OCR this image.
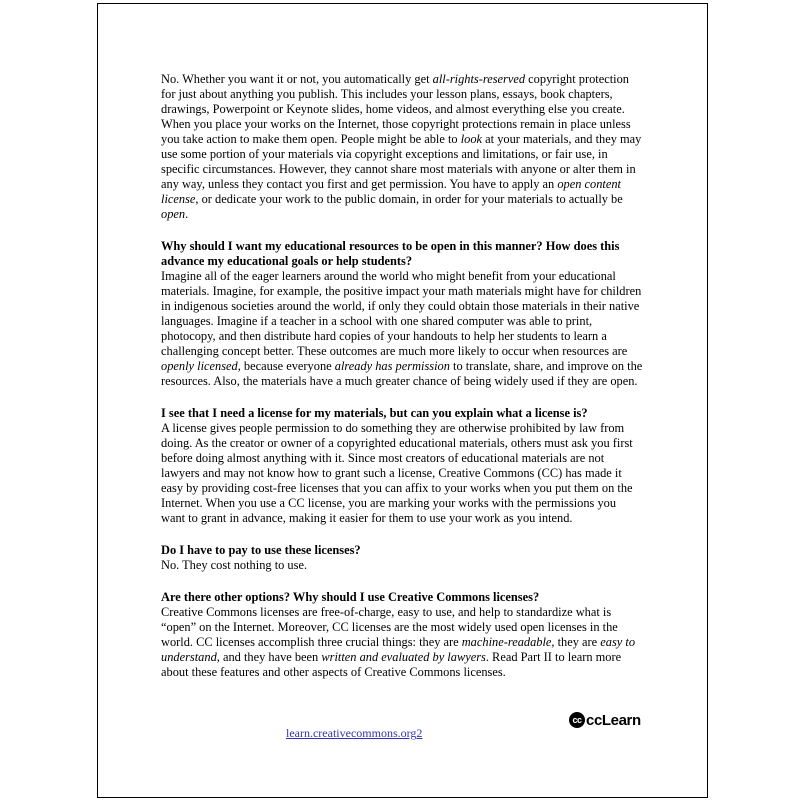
No. Whether you want it or not, you automatically get all-rights-reserved copyright protection for just about anything you publish. This includes your lesson plans, essays, book chapters, drawings, Powerpoint or Keynote slides, home videos, and almost everything else you create. When you place your works on the Internet, those copyright protections remain in place unless you take action to make them open. People might be able to look at your materials, and they may use some portion of your materials via copyright exceptions and limitations, or fair use, in specific circumstances. However, they cannot share most materials with anyone or alter them in any way, unless they contact you first and get permission. You have to apply an open content license, or dedicate your work to the public domain, in order for your materials to actually be open.

Why should I want my educational resources to be open in this manner? How does this advance my educational goals or help students?

Imagine all of the eager learners around the world who might benefit from your educational materials. Imagine, for example, the positive impact your math materials might have for children in indigenous societies around the world, if only they could obtain those materials in their native languages. Imagine if a teacher in a school with one shared computer was able to print, photocopy, and then distribute hard copies of your handouts to help her students to learn a challenging concept better. These outcomes are much more likely to occur when resources are openly licensed, because everyone already has permission to translate, share, and improve on the resources. Also, the materials have a much greater chance of being widely used if they are open.

I see that I need a license for my materials, but can you explain what a license is?

A license gives people permission to do something they are otherwise prohibited by law from doing. As the creator or owner of a copyrighted educational materials, others must ask you first before doing almost anything with it. Since most creators of educational materials are not lawyers and may not know how to grant such a license, Creative Commons (CC) has made it easy by providing cost-free licenses that you can affix to your works when you put them on the Internet. When you use a CC license, you are marking your works with the permissions you want to grant in advance, making it easier for them to use your work as you intend.

Do I have to pay to use these licenses?

No. They cost nothing to use.

Are there other options? Why should I use Creative Commons licenses?

Creative Commons licenses are free-of-charge, easy to use, and help to standardize what is “open” on the Internet. Moreover, CC licenses are the most widely used open licenses in the world. CC licenses accomplish three crucial things: they are machine-readable, they are easy to understand, and they have been written and evaluated by lawyers. Read Part II to learn more about these features and other aspects of Creative Commons licenses.

cc ccLearn
learn.creativecommons.org2
